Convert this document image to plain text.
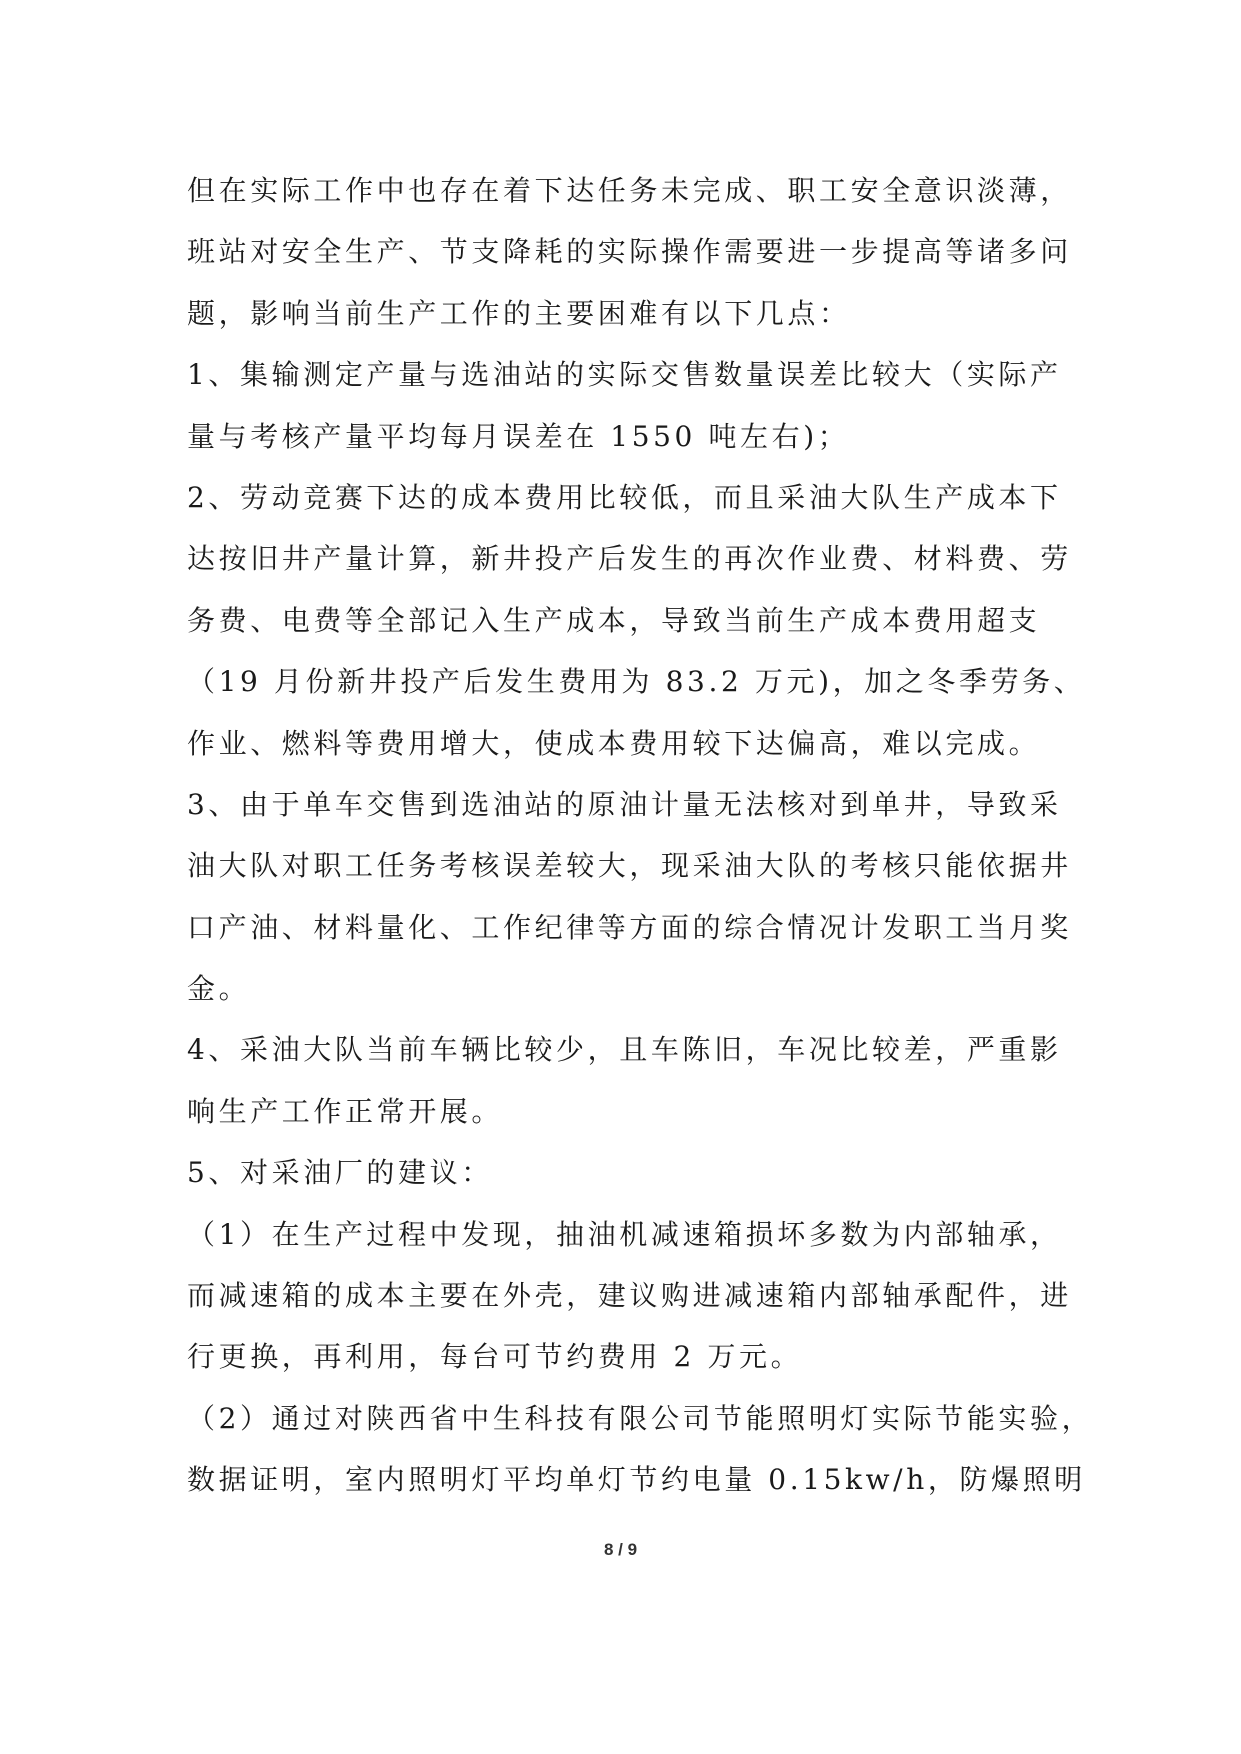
但在实际工作中也存在着下达任务未完成、职工安全意识淡薄，
班站对安全生产、节支降耗的实际操作需要进一步提高等诸多问
题，影响当前生产工作的主要困难有以下几点：
1、集输测定产量与选油站的实际交售数量误差比较大（实际产
量与考核产量平均每月误差在 1550 吨左右)；
2、劳动竞赛下达的成本费用比较低，而且采油大队生产成本下
达按旧井产量计算，新井投产后发生的再次作业费、材料费、劳
务费、电费等全部记入生产成本，导致当前生产成本费用超支
（19 月份新井投产后发生费用为 83.2 万元)，加之冬季劳务、
作业、燃料等费用增大，使成本费用较下达偏高，难以完成。
3、由于单车交售到选油站的原油计量无法核对到单井，导致采
油大队对职工任务考核误差较大，现采油大队的考核只能依据井
口产油、材料量化、工作纪律等方面的综合情况计发职工当月奖
金。
4、采油大队当前车辆比较少，且车陈旧，车况比较差，严重影
响生产工作正常开展。
5、对采油厂的建议：
（1）在生产过程中发现，抽油机减速箱损坏多数为内部轴承，
而减速箱的成本主要在外壳，建议购进减速箱内部轴承配件，进
行更换，再利用，每台可节约费用 2 万元。
（2）通过对陕西省中生科技有限公司节能照明灯实际节能实验，
数据证明，室内照明灯平均单灯节约电量 0.15kw/h，防爆照明
8 / 9
